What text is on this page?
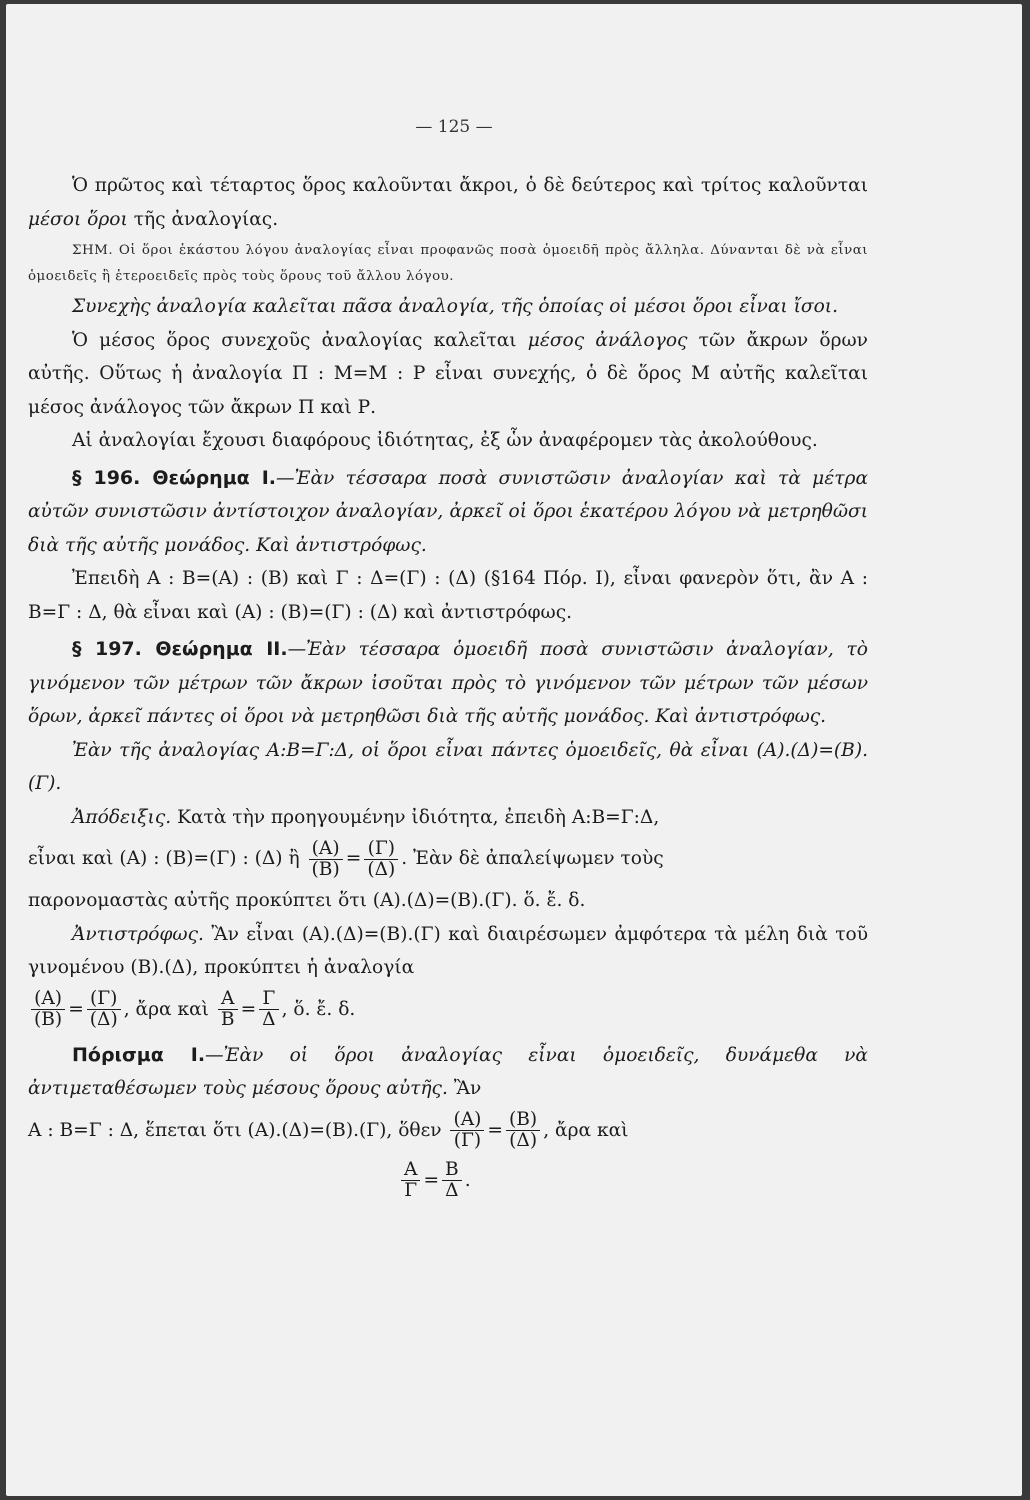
— 125 —

Ὁ πρῶτος καὶ τέταρτος ὅρος καλοῦνται ἄκροι, ὁ δὲ δεύτερος καὶ τρίτος καλοῦνται μέσοι ὅροι τῆς ἀναλογίας.

ΣΗΜ. Οἱ ὅροι ἑκάστου λόγου ἀναλογίας εἶναι προφανῶς ποσὰ ὁμοειδῆ πρὸς ἄλληλα. Δύνανται δὲ νὰ εἶναι ὁμοειδεῖς ἢ ἑτεροειδεῖς πρὸς τοὺς ὅρους τοῦ ἄλλου λόγου.

Συνεχὴς ἀναλογία καλεῖται πᾶσα ἀναλογία, τῆς ὁποίας οἱ μέσοι ὅροι εἶναι ἴσοι.

Ὁ μέσος ὅρος συνεχοῦς ἀναλογίας καλεῖται μέσος ἀνάλογος τῶν ἄκρων ὅρων αὐτῆς. Οὕτως ἡ ἀναλογία Π : Μ=Μ : Ρ εἶναι συνεχής, ὁ δὲ ὅρος Μ αὐτῆς καλεῖται μέσος ἀνάλογος τῶν ἄκρων Π καὶ Ρ.

Αἱ ἀναλογίαι ἔχουσι διαφόρους ἰδιότητας, ἐξ ὧν ἀναφέρομεν τὰς ἀκολούθους.

§ 196. Θεώρημα I.—Ἐὰν τέσσαρα ποσὰ συνιστῶσιν ἀναλογίαν καὶ τὰ μέτρα αὐτῶν συνιστῶσιν ἀντίστοιχον ἀναλογίαν, ἀρκεῖ οἱ ὅροι ἑκατέρου λόγου νὰ μετρηθῶσι διὰ τῆς αὐτῆς μονάδος. Καὶ ἀντιστρόφως.

Ἐπειδὴ Α : Β=(Α) : (Β) καὶ Γ : Δ=(Γ) : (Δ) (§164 Πόρ. I), εἶναι φανερὸν ὅτι, ἂν Α : Β=Γ : Δ, θὰ εἶναι καὶ (Α) : (Β)=(Γ) : (Δ) καὶ ἀντιστρόφως.

§ 197. Θεώρημα II.—Ἐὰν τέσσαρα ὁμοειδῆ ποσὰ συνιστῶσιν ἀναλογίαν, τὸ γινόμενον τῶν μέτρων τῶν ἄκρων ἰσοῦται πρὸς τὸ γινόμενον τῶν μέτρων τῶν μέσων ὅρων, ἀρκεῖ πάντες οἱ ὅροι νὰ μετρηθῶσι διὰ τῆς αὐτῆς μονάδος. Καὶ ἀντιστρόφως.

Ἐὰν τῆς ἀναλογίας Α:Β=Γ:Δ, οἱ ὅροι εἶναι πάντες ὁμοειδεῖς, θὰ εἶναι (Α).(Δ)=(Β).(Γ).

Ἀπόδειξις. Κατὰ τὴν προηγουμένην ἰδιότητα, ἐπειδὴ Α:Β=Γ:Δ,

εἶναι καὶ (Α) : (Β)=(Γ) : (Δ) ἢ $\frac{(A)}{(B)} = \frac{(\Gamma)}{(\Delta)}$ . Ἐὰν δὲ ἀπαλείψωμεν τοὺς

παρονομαστὰς αὐτῆς προκύπτει ὅτι (Α).(Δ)=(Β).(Γ). ὅ. ἔ. δ.

Ἀντιστρόφως. Ἂν εἶναι (Α).(Δ)=(Β).(Γ) καὶ διαιρέσωμεν ἀμφότερα τὰ μέλη διὰ τοῦ γινομένου (Β).(Δ), προκύπτει ἡ ἀναλογία

$\frac{(A)}{(B)} = \frac{(\Gamma)}{(\Delta)}$ , ἄρα καὶ $\frac{A}{B} = \frac{\Gamma}{\Delta}$ , ὅ. ἔ. δ.

Πόρισμα I.—Ἐὰν οἱ ὅροι ἀναλογίας εἶναι ὁμοειδεῖς, δυνάμεθα νὰ ἀντιμεταθέσωμεν τοὺς μέσους ὅρους αὐτῆς. Ἂν

Α : Β=Γ : Δ, ἕπεται ὅτι (Α).(Δ)=(Β).(Γ), ὅθεν $\frac{(A)}{(\Gamma)} = \frac{(B)}{(\Delta)}$ , ἄρα καὶ

$\frac{A}{\Gamma} = \frac{B}{\Delta}$ .
